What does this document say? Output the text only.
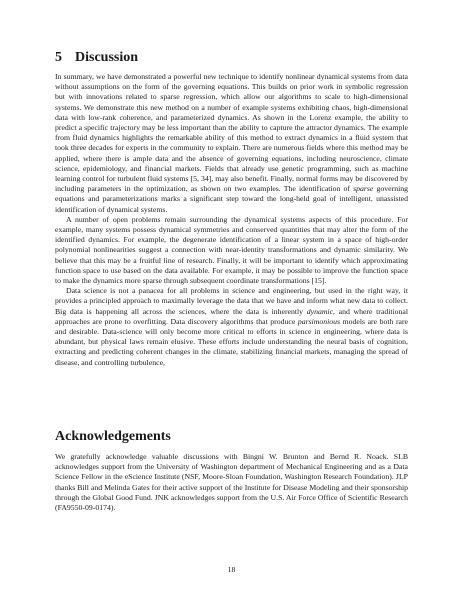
5 Discussion

In summary, we have demonstrated a powerful new technique to identify nonlinear dynamical systems from data without assumptions on the form of the governing equations. This builds on prior work in symbolic regression but with innovations related to sparse regression, which allow our algorithms to scale to high-dimensional systems. We demonstrate this new method on a number of example systems exhibiting chaos, high-dimensional data with low-rank coherence, and parameterized dynamics. As shown in the Lorenz example, the ability to predict a specific trajectory may be less important than the ability to capture the attractor dynamics. The example from fluid dynamics highlights the remarkable ability of this method to extract dynamics in a fluid system that took three decades for experts in the community to explain. There are numerous fields where this method may be applied, where there is ample data and the absence of governing equations, including neuroscience, climate science, epidemiology, and financial markets. Fields that already use genetic programming, such as machine learning control for turbulent fluid systems [5, 34], may also benefit. Finally, normal forms may be discovered by including parameters in the optimization, as shown on two examples. The identification of sparse governing equations and parameterizations marks a significant step toward the long-held goal of intelligent, unassisted identification of dynamical systems.

A number of open problems remain surrounding the dynamical systems aspects of this procedure. For example, many systems possess dynamical symmetries and conserved quantities that may alter the form of the identified dynamics. For example, the degenerate identification of a linear system in a space of high-order polynomial nonlinearities suggest a connection with near-identity transformations and dynamic similarity. We believe that this may be a fruitful line of research. Finally, it will be important to identify which approximating function space to use based on the data available. For example, it may be possible to improve the function space to make the dynamics more sparse through subsequent coordinate transformations [15].

Data science is not a panacea for all problems in science and engineering, but used in the right way, it provides a principled approach to maximally leverage the data that we have and inform what new data to collect. Big data is happening all across the sciences, where the data is inherently dynamic, and where traditional approaches are prone to overfitting. Data discovery algorithms that produce parsimonious models are both rare and desirable. Data-science will only become more critical to efforts in science in engineering, where data is abundant, but physical laws remain elusive. These efforts include understanding the neural basis of cognition, extracting and predicting coherent changes in the climate, stabilizing financial markets, managing the spread of disease, and controlling turbulence,

Acknowledgements

We gratefully acknowledge valuable discussions with Bingni W. Brunton and Bernd R. Noack. SLB acknowledges support from the University of Washington department of Mechanical Engineering and as a Data Science Fellow in the eScience Institute (NSF, Moore-Sloan Foundation, Washington Research Foundation). JLP thanks Bill and Melinda Gates for their active support of the Institute for Disease Modeling and their sponsorship through the Global Good Fund. JNK acknowledges support from the U.S. Air Force Office of Scientific Research (FA9550-09-0174).

18
